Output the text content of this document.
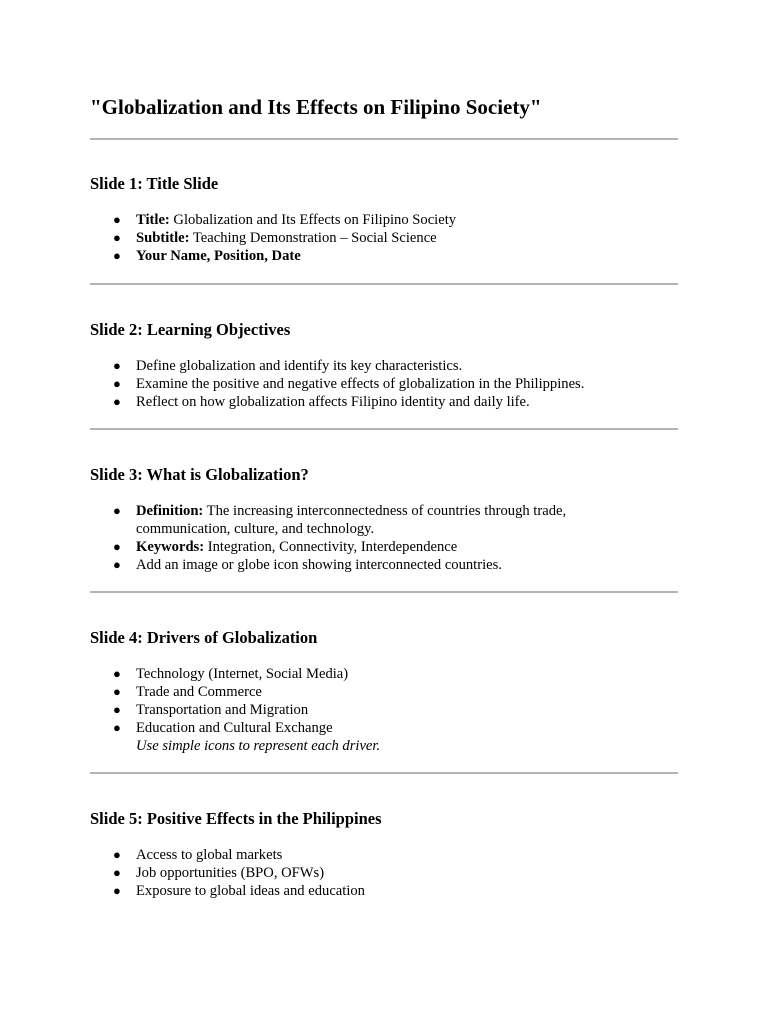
"Globalization and Its Effects on Filipino Society"
Slide 1: Title Slide
● Title: Globalization and Its Effects on Filipino Society
● Subtitle: Teaching Demonstration – Social Science
● Your Name, Position, Date
Slide 2: Learning Objectives
● Define globalization and identify its key characteristics.
● Examine the positive and negative effects of globalization in the Philippines.
● Reflect on how globalization affects Filipino identity and daily life.
Slide 3: What is Globalization?
● Definition: The increasing interconnectedness of countries through trade, communication, culture, and technology.
● Keywords: Integration, Connectivity, Interdependence
● Add an image or globe icon showing interconnected countries.
Slide 4: Drivers of Globalization
● Technology (Internet, Social Media)
● Trade and Commerce
● Transportation and Migration
● Education and Cultural Exchange
Use simple icons to represent each driver.
Slide 5: Positive Effects in the Philippines
● Access to global markets
● Job opportunities (BPO, OFWs)
● Exposure to global ideas and education
